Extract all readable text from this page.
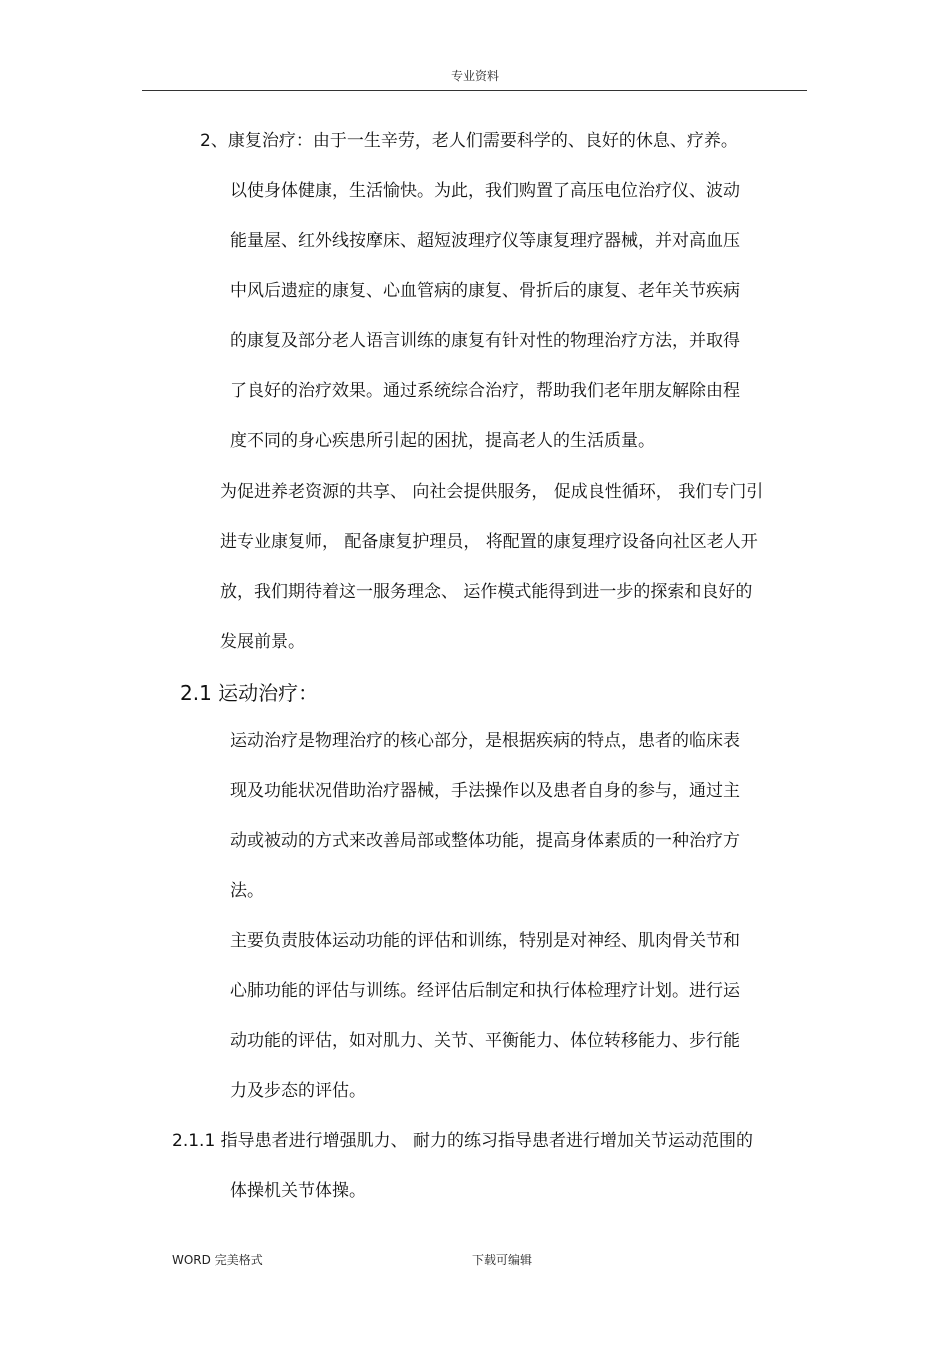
专业资料
2、康复治疗：由于一生辛劳，老人们需要科学的、良好的休息、疗养。
以使身体健康，生活愉快。为此，我们购置了高压电位治疗仪、波动
能量屋、红外线按摩床、超短波理疗仪等康复理疗器械，并对高血压
中风后遗症的康复、心血管病的康复、骨折后的康复、老年关节疾病
的康复及部分老人语言训练的康复有针对性的物理治疗方法，并取得
了良好的治疗效果。通过系统综合治疗，帮助我们老年朋友解除由程
度不同的身心疾患所引起的困扰，提高老人的生活质量。
为促进养老资源的共享、 向社会提供服务， 促成良性循环， 我们专门引
进专业康复师， 配备康复护理员， 将配置的康复理疗设备向社区老人开
放，我们期待着这一服务理念、 运作模式能得到进一步的探索和良好的
发展前景。
2.1 运动治疗：
运动治疗是物理治疗的核心部分，是根据疾病的特点，患者的临床表
现及功能状况借助治疗器械，手法操作以及患者自身的参与，通过主
动或被动的方式来改善局部或整体功能，提高身体素质的一种治疗方
法。
主要负责肢体运动功能的评估和训练，特别是对神经、肌肉骨关节和
心肺功能的评估与训练。经评估后制定和执行体检理疗计划。进行运
动功能的评估，如对肌力、关节、平衡能力、体位转移能力、步行能
力及步态的评估。
2.1.1 指导患者进行增强肌力、 耐力的练习指导患者进行增加关节运动范围的
体操机关节体操。
WORD 完美格式	下载可编辑
